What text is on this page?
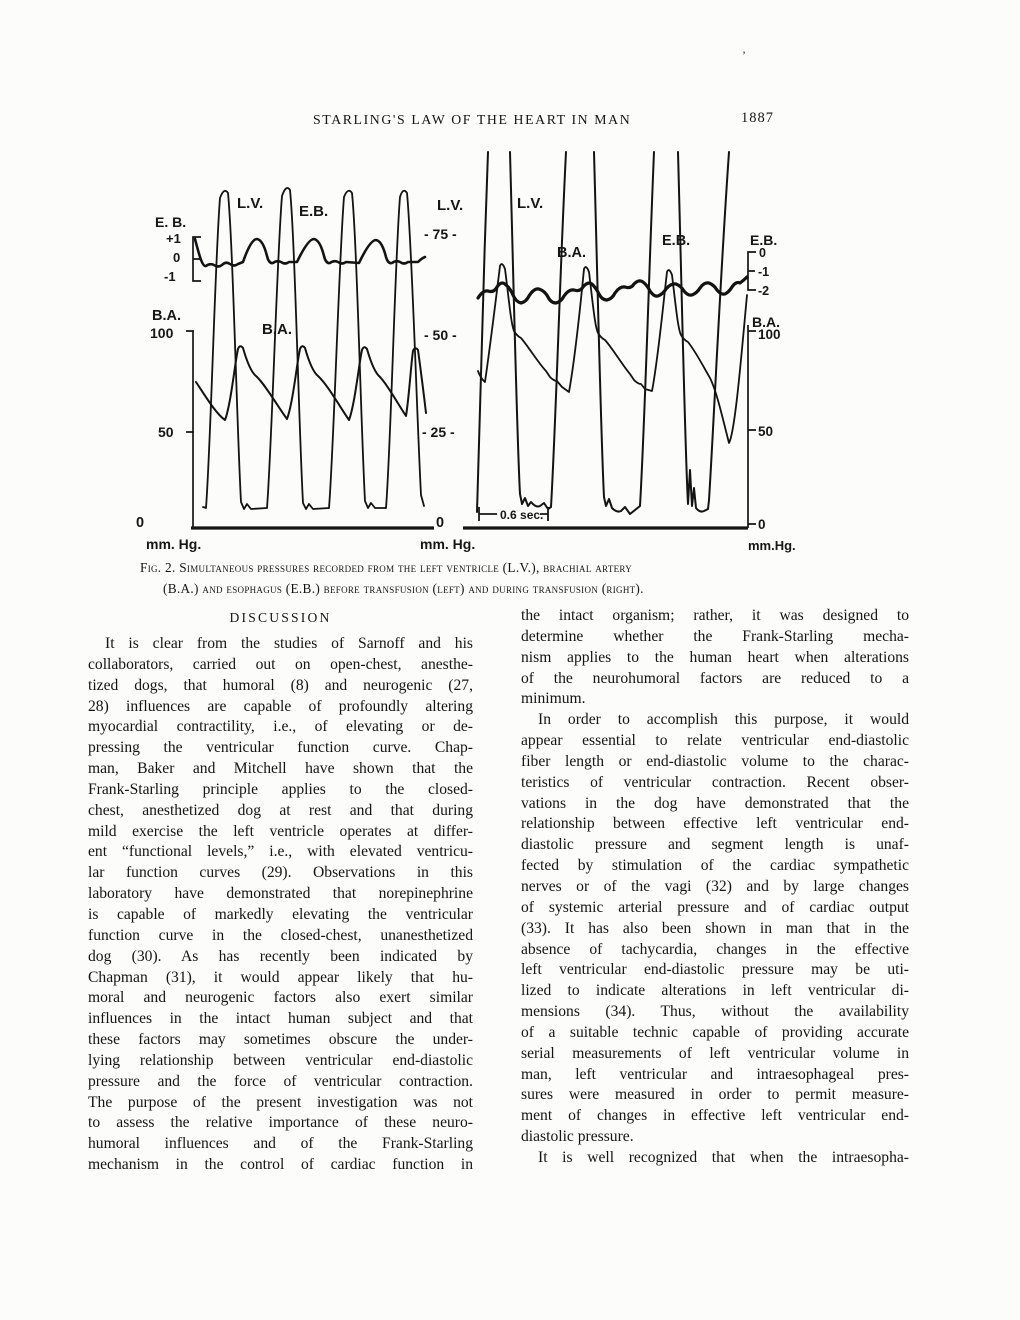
’
STARLING'S LAW OF THE HEART IN MAN	1887
E. B.
+1
0
-1
B.A.
100
50
0
mm. Hg.
L.V.
- 75 -
- 50 -
- 25 -
0
mm. Hg.
E.B.
0
-1
-2
B.A.
100
50
0
mm.Hg.
L.V. E.B.
B.A.
L.V.
B.A.
E.B.
0.6 sec.
Fig. 2. Simultaneous pressures recorded from the left ventricle (L.V.), brachial artery
(B.A.) and esophagus (E.B.) before transfusion (left) and during transfusion (right).
DISCUSSION
It is clear from the studies of Sarnoff and his
collaborators, carried out on open-chest, anesthe-
tized dogs, that humoral (8) and neurogenic (27,
28) influences are capable of profoundly altering
myocardial contractility, i.e., of elevating or de-
pressing the ventricular function curve. Chap-
man, Baker and Mitchell have shown that the
Frank-Starling principle applies to the closed-
chest, anesthetized dog at rest and that during
mild exercise the left ventricle operates at differ-
ent “functional levels,” i.e., with elevated ventricu-
lar function curves (29). Observations in this
laboratory have demonstrated that norepinephrine
is capable of markedly elevating the ventricular
function curve in the closed-chest, unanesthetized
dog (30). As has recently been indicated by
Chapman (31), it would appear likely that hu-
moral and neurogenic factors also exert similar
influences in the intact human subject and that
these factors may sometimes obscure the under-
lying relationship between ventricular end-diastolic
pressure and the force of ventricular contraction.
The purpose of the present investigation was not
to assess the relative importance of these neuro-
humoral influences and of the Frank-Starling
mechanism in the control of cardiac function in
the intact organism; rather, it was designed to
determine whether the Frank-Starling mecha-
nism applies to the human heart when alterations
of the neurohumoral factors are reduced to a
minimum.
In order to accomplish this purpose, it would
appear essential to relate ventricular end-diastolic
fiber length or end-diastolic volume to the charac-
teristics of ventricular contraction. Recent obser-
vations in the dog have demonstrated that the
relationship between effective left ventricular end-
diastolic pressure and segment length is unaf-
fected by stimulation of the cardiac sympathetic
nerves or of the vagi (32) and by large changes
of systemic arterial pressure and of cardiac output
(33). It has also been shown in man that in the
absence of tachycardia, changes in the effective
left ventricular end-diastolic pressure may be uti-
lized to indicate alterations in left ventricular di-
mensions (34). Thus, without the availability
of a suitable technic capable of providing accurate
serial measurements of left ventricular volume in
man, left ventricular and intraesophageal pres-
sures were measured in order to permit measure-
ment of changes in effective left ventricular end-
diastolic pressure.
It is well recognized that when the intraesopha-
